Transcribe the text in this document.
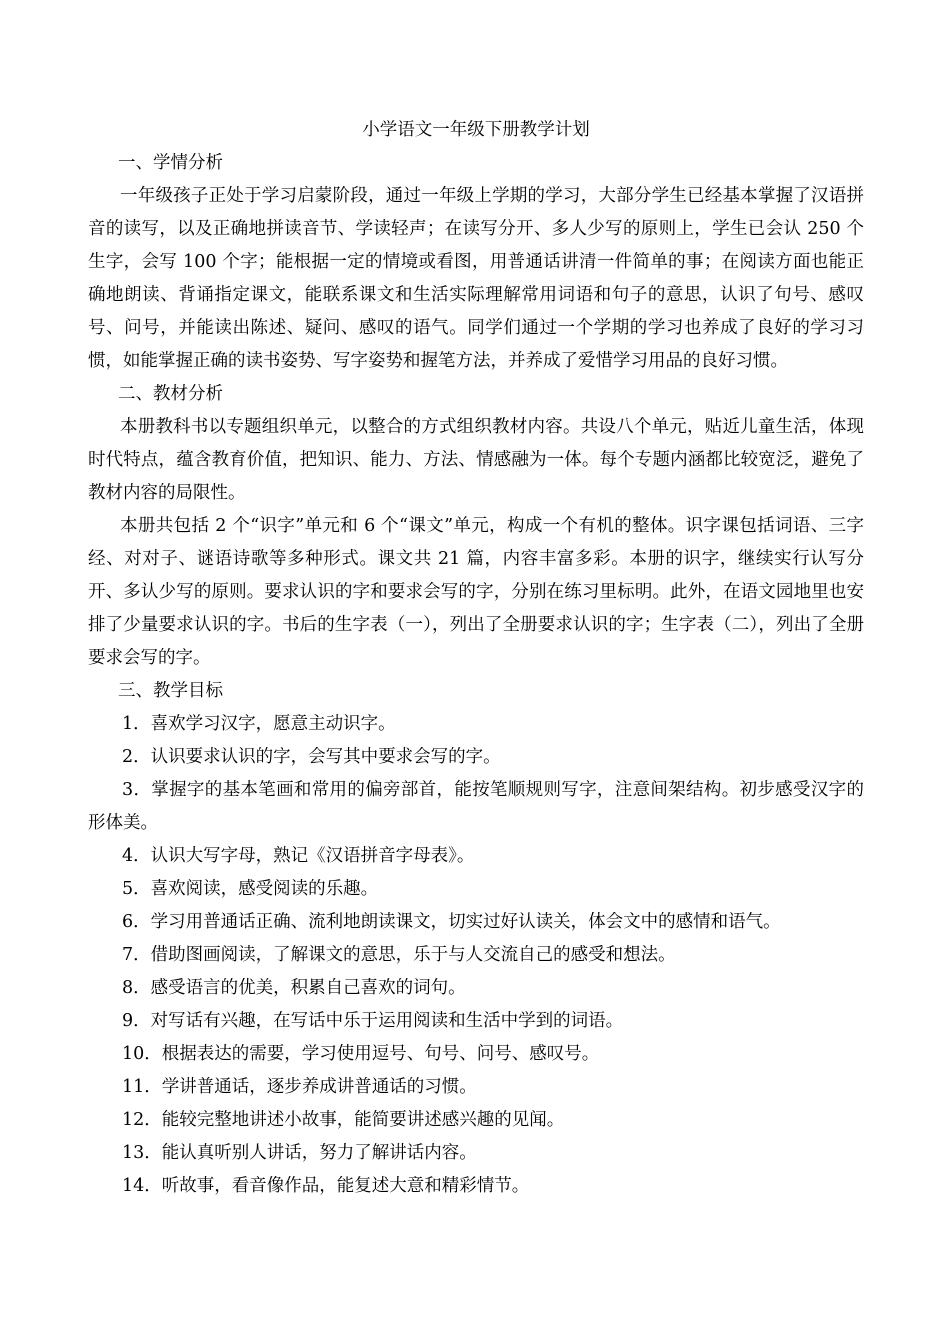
小学语文一年级下册教学计划

一、学情分析

一年级孩子正处于学习启蒙阶段，通过一年级上学期的学习，大部分学生已经基本掌握了汉语拼音的读写，以及正确地拼读音节、学读轻声；在读写分开、多人少写的原则上，学生已会认 250 个生字，会写 100 个字；能根据一定的情境或看图，用普通话讲清一件简单的事；在阅读方面也能正确地朗读、背诵指定课文，能联系课文和生活实际理解常用词语和句子的意思，认识了句号、感叹号、问号，并能读出陈述、疑问、感叹的语气。同学们通过一个学期的学习也养成了良好的学习习惯，如能掌握正确的读书姿势、写字姿势和握笔方法，并养成了爱惜学习用品的良好习惯。

二、教材分析

本册教科书以专题组织单元，以整合的方式组织教材内容。共设八个单元，贴近儿童生活，体现时代特点，蕴含教育价值，把知识、能力、方法、情感融为一体。每个专题内涵都比较宽泛，避免了教材内容的局限性。

本册共包括 2 个“识字”单元和 6 个“课文”单元，构成一个有机的整体。识字课包括词语、三字经、对对子、谜语诗歌等多种形式。课文共 21 篇，内容丰富多彩。本册的识字，继续实行认写分开、多认少写的原则。要求认识的字和要求会写的字，分别在练习里标明。此外，在语文园地里也安排了少量要求认识的字。书后的生字表（一），列出了全册要求认识的字；生字表（二），列出了全册要求会写的字。

三、教学目标

1．喜欢学习汉字，愿意主动识字。

2．认识要求认识的字，会写其中要求会写的字。

3．掌握字的基本笔画和常用的偏旁部首，能按笔顺规则写字，注意间架结构。初步感受汉字的形体美。

4．认识大写字母，熟记《汉语拼音字母表》。

5．喜欢阅读，感受阅读的乐趣。

6．学习用普通话正确、流利地朗读课文，切实过好认读关，体会文中的感情和语气。

7．借助图画阅读，了解课文的意思，乐于与人交流自己的感受和想法。

8．感受语言的优美，积累自己喜欢的词句。

9．对写话有兴趣，在写话中乐于运用阅读和生活中学到的词语。

10．根据表达的需要，学习使用逗号、句号、问号、感叹号。

11．学讲普通话，逐步养成讲普通话的习惯。

12．能较完整地讲述小故事，能简要讲述感兴趣的见闻。

13．能认真听别人讲话，努力了解讲话内容。

14．听故事，看音像作品，能复述大意和精彩情节。
